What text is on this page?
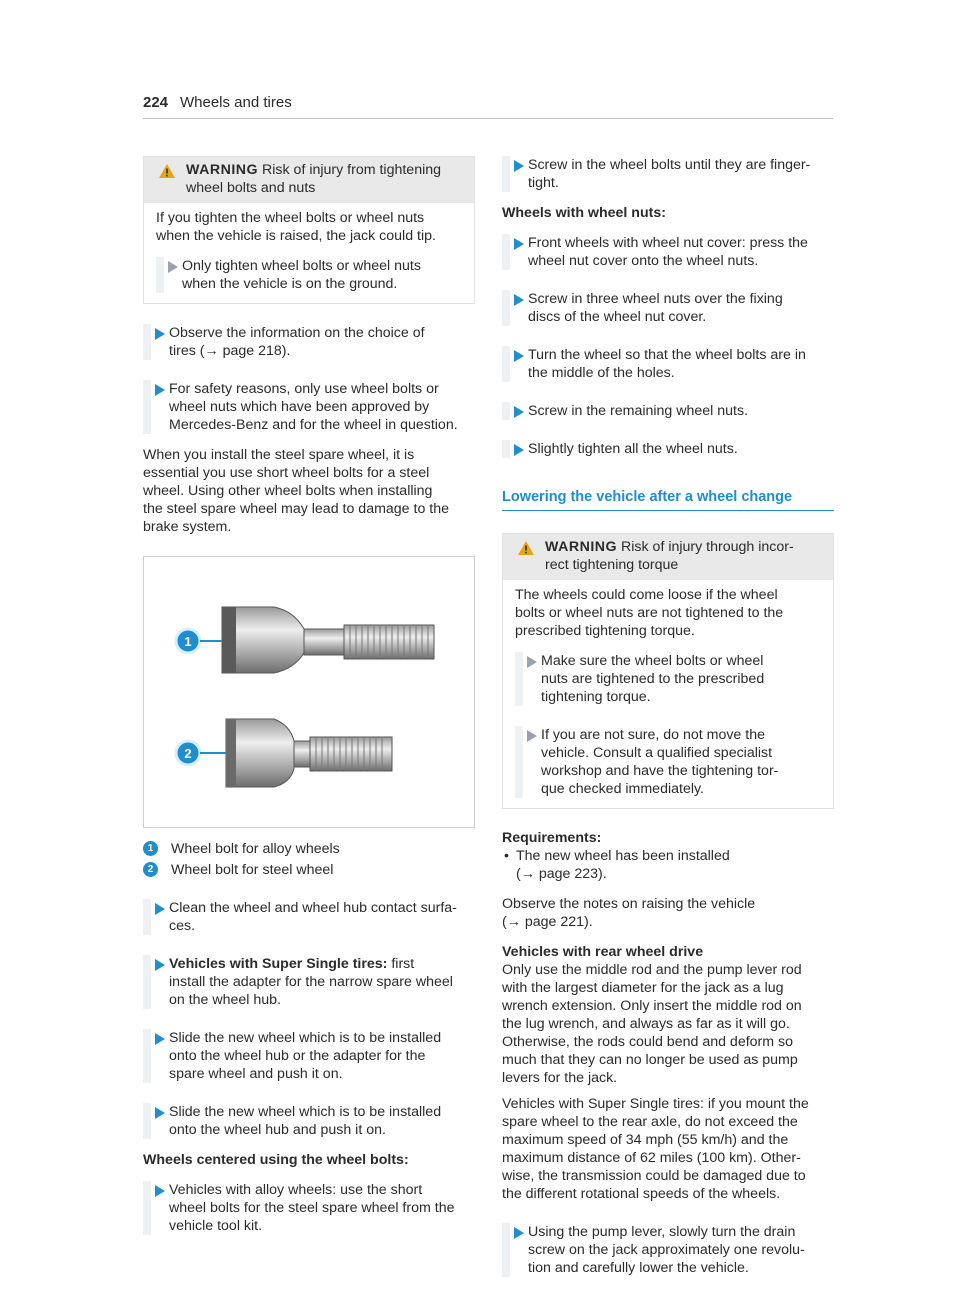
224 Wheels and tires
WARNING Risk of injury from tightening
wheel bolts and nuts

If you tighten the wheel bolts or wheel nuts

when the vehicle is raised, the jack could tip.

Only tighten wheel bolts or wheel nuts

when the vehicle is on the ground.

Observe the information on the choice of

tires (→ page 218).

For safety reasons, only use wheel bolts or

wheel nuts which have been approved by

Mercedes-Benz and for the wheel in question.

When you install the steel spare wheel, it is

essential you use short wheel bolts for a steel

wheel. Using other wheel bolts when installing

the steel spare wheel may lead to damage to the

brake system.

1
2
1	Wheel bolt for alloy wheels
2	Wheel bolt for steel wheel

Clean the wheel and wheel hub contact surfa-

ces.

Vehicles with Super Single tires: first

install the adapter for the narrow spare wheel

on the wheel hub.

Slide the new wheel which is to be installed

onto the wheel hub or the adapter for the

spare wheel and push it on.

Slide the new wheel which is to be installed

onto the wheel hub and push it on.

Wheels centered using the wheel bolts:

Vehicles with alloy wheels: use the short

wheel bolts for the steel spare wheel from the

vehicle tool kit.

Screw in the wheel bolts until they are finger-

tight.

Wheels with wheel nuts:

Front wheels with wheel nut cover: press the

wheel nut cover onto the wheel nuts.

Screw in three wheel nuts over the fixing

discs of the wheel nut cover.

Turn the wheel so that the wheel bolts are in

the middle of the holes.

Screw in the remaining wheel nuts.

Slightly tighten all the wheel nuts.

Lowering the vehicle after a wheel change
WARNING Risk of injury through incor-
rect tightening torque

The wheels could come loose if the wheel

bolts or wheel nuts are not tightened to the

prescribed tightening torque.

Make sure the wheel bolts or wheel

nuts are tightened to the prescribed

tightening torque.

If you are not sure, do not move the

vehicle. Consult a qualified specialist

workshop and have the tightening tor-

que checked immediately.

Requirements:

• The new wheel has been installed

(→ page 223).

Observe the notes on raising the vehicle

(→ page 221).

Vehicles with rear wheel drive

Only use the middle rod and the pump lever rod

with the largest diameter for the jack as a lug

wrench extension. Only insert the middle rod on

the lug wrench, and always as far as it will go.

Otherwise, the rods could bend and deform so

much that they can no longer be used as pump

levers for the jack.

Vehicles with Super Single tires: if you mount the

spare wheel to the rear axle, do not exceed the

maximum speed of 34 mph (55 km/h) and the

maximum distance of 62 miles (100 km). Other-

wise, the transmission could be damaged due to

the different rotational speeds of the wheels.

Using the pump lever, slowly turn the drain

screw on the jack approximately one revolu-

tion and carefully lower the vehicle.
